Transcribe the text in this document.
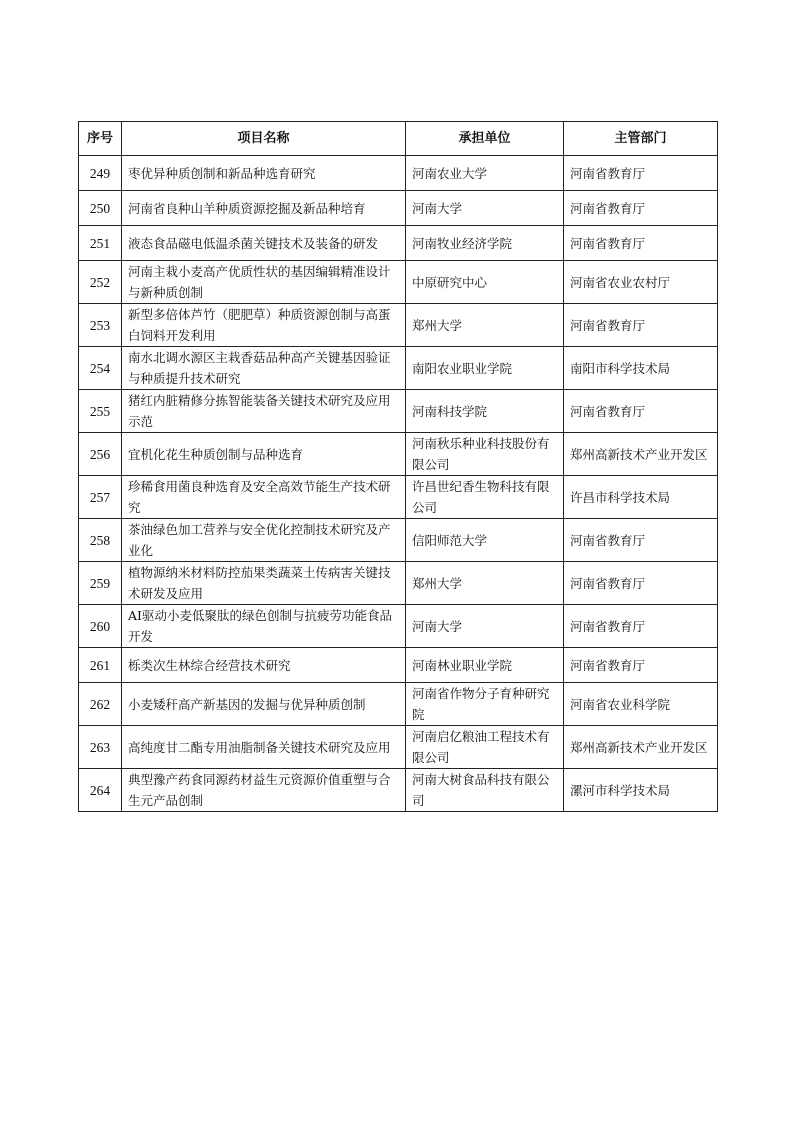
序号	项目名称	承担单位	主管部门
249	枣优异种质创制和新品种选育研究	河南农业大学	河南省教育厅
250	河南省良种山羊种质资源挖掘及新品种培育	河南大学	河南省教育厅
251	液态食品磁电低温杀菌关键技术及装备的研发	河南牧业经济学院	河南省教育厅
252	河南主栽小麦高产优质性状的基因编辑精准设计与新种质创制	中原研究中心	河南省农业农村厅
253	新型多倍体芦竹（肥肥草）种质资源创制与高蛋白饲料开发利用	郑州大学	河南省教育厅
254	南水北调水源区主栽香菇品种高产关键基因验证与种质提升技术研究	南阳农业职业学院	南阳市科学技术局
255	猪红内脏精修分拣智能装备关键技术研究及应用示范	河南科技学院	河南省教育厅
256	宜机化花生种质创制与品种选育	河南秋乐种业科技股份有限公司	郑州高新技术产业开发区
257	珍稀食用菌良种选育及安全高效节能生产技术研究	许昌世纪香生物科技有限公司	许昌市科学技术局
258	茶油绿色加工营养与安全优化控制技术研究及产业化	信阳师范大学	河南省教育厅
259	植物源纳米材料防控茄果类蔬菜土传病害关键技术研发及应用	郑州大学	河南省教育厅
260	AI驱动小麦低聚肽的绿色创制与抗疲劳功能食品开发	河南大学	河南省教育厅
261	栎类次生林综合经营技术研究	河南林业职业学院	河南省教育厅
262	小麦矮秆高产新基因的发掘与优异种质创制	河南省作物分子育种研究院	河南省农业科学院
263	高纯度甘二酯专用油脂制备关键技术研究及应用	河南启亿粮油工程技术有限公司	郑州高新技术产业开发区
264	典型豫产药食同源药材益生元资源价值重塑与合生元产品创制	河南大树食品科技有限公司	漯河市科学技术局
